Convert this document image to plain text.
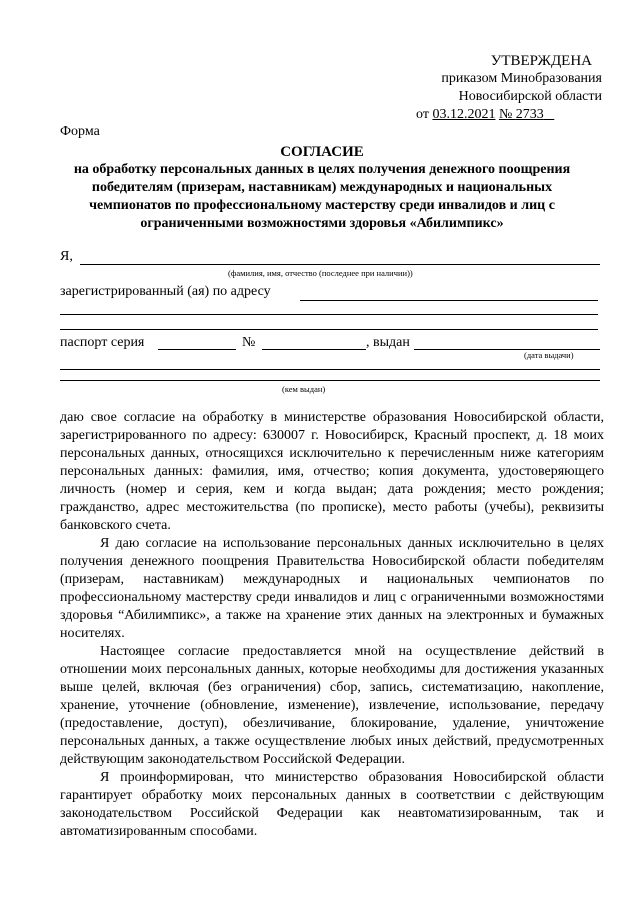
УТВЕРЖДЕНА
приказом Минобразования
Новосибирской области
от 03.12.2021 № 2733
Форма
СОГЛАСИЕ
на обработку персональных данных в целях получения денежного поощрения победителям (призерам, наставникам) международных и национальных чемпионатов по профессиональному мастерству среди инвалидов и лиц с ограниченными возможностями здоровья «Абилимпикс»
Я,
(фамилия, имя, отчество (последнее при наличии))
зарегистрированный (ая) по адресу
паспорт серия	№	, выдан
(дата выдачи)
(кем выдан)

даю свое согласие на обработку в министерстве образования Новосибирской области, зарегистрированного по адресу: 630007 г. Новосибирск, Красный проспект, д. 18 моих персональных данных, относящихся исключительно к перечисленным ниже категориям персональных данных: фамилия, имя, отчество; копия документа, удостоверяющего личность (номер и серия, кем и когда выдан; дата рождения; место рождения; гражданство, адрес местожительства (по прописке), место работы (учебы), реквизиты банковского счета.

Я даю согласие на использование персональных данных исключительно в целях получения денежного поощрения Правительства Новосибирской области победителям (призерам, наставникам) международных и национальных чемпионатов по профессиональному мастерству среди инвалидов и лиц с ограниченными возможностями здоровья “Абилимпикс», а также на хранение этих данных на электронных и бумажных носителях.

Настоящее согласие предоставляется мной на осуществление действий в отношении моих персональных данных, которые необходимы для достижения указанных выше целей, включая (без ограничения) сбор, запись, систематизацию, накопление, хранение, уточнение (обновление, изменение), извлечение, использование, передачу (предоставление, доступ), обезличивание, блокирование, удаление, уничтожение персональных данных, а также осуществление любых иных действий, предусмотренных действующим законодательством Российской Федерации.

Я проинформирован, что министерство образования Новосибирской области гарантирует обработку моих персональных данных в соответствии с действующим законодательством Российской Федерации как неавтоматизированным, так и автоматизированным способами.
